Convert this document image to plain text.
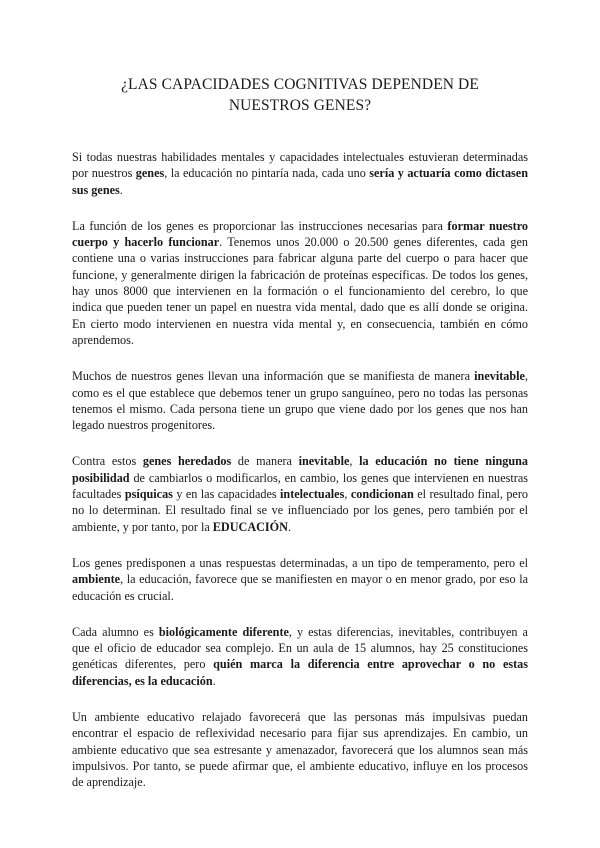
¿LAS CAPACIDADES COGNITIVAS DEPENDEN DE
NUESTROS GENES?

Si todas nuestras habilidades mentales y capacidades intelectuales estuvieran determinadas por nuestros genes, la educación no pintaría nada, cada uno sería y actuaría como dictasen sus genes.

La función de los genes es proporcionar las instrucciones necesarias para formar nuestro cuerpo y hacerlo funcionar. Tenemos unos 20.000 o 20.500 genes diferentes, cada gen contiene una o varias instrucciones para fabricar alguna parte del cuerpo o para hacer que funcione, y generalmente dirigen la fabricación de proteínas específicas. De todos los genes, hay unos 8000 que intervienen en la formación o el funcionamiento del cerebro, lo que indica que pueden tener un papel en nuestra vida mental, dado que es allí donde se origina. En cierto modo intervienen en nuestra vida mental y, en consecuencia, también en cómo aprendemos.

Muchos de nuestros genes llevan una información que se manifiesta de manera inevitable, como es el que establece que debemos tener un grupo sanguíneo, pero no todas las personas tenemos el mismo. Cada persona tiene un grupo que viene dado por los genes que nos han legado nuestros progenitores.

Contra estos genes heredados de manera inevitable, la educación no tiene ninguna posibilidad de cambiarlos o modificarlos, en cambio, los genes que intervienen en nuestras facultades psíquicas y en las capacidades intelectuales, condicionan el resultado final, pero no lo determinan. El resultado final se ve influenciado por los genes, pero también por el ambiente, y por tanto, por la EDUCACIÓN.

Los genes predisponen a unas respuestas determinadas, a un tipo de temperamento, pero el ambiente, la educación, favorece que se manifiesten en mayor o en menor grado, por eso la educación es crucial.

Cada alumno es biológicamente diferente, y estas diferencias, inevitables, contribuyen a que el oficio de educador sea complejo. En un aula de 15 alumnos, hay 25 constituciones genéticas diferentes, pero quién marca la diferencia entre aprovechar o no estas diferencias, es la educación.

Un ambiente educativo relajado favorecerá que las personas más impulsivas puedan encontrar el espacio de reflexividad necesario para fijar sus aprendizajes. En cambio, un ambiente educativo que sea estresante y amenazador, favorecerá que los alumnos sean más impulsivos. Por tanto, se puede afirmar que, el ambiente educativo, influye en los procesos de aprendizaje.
